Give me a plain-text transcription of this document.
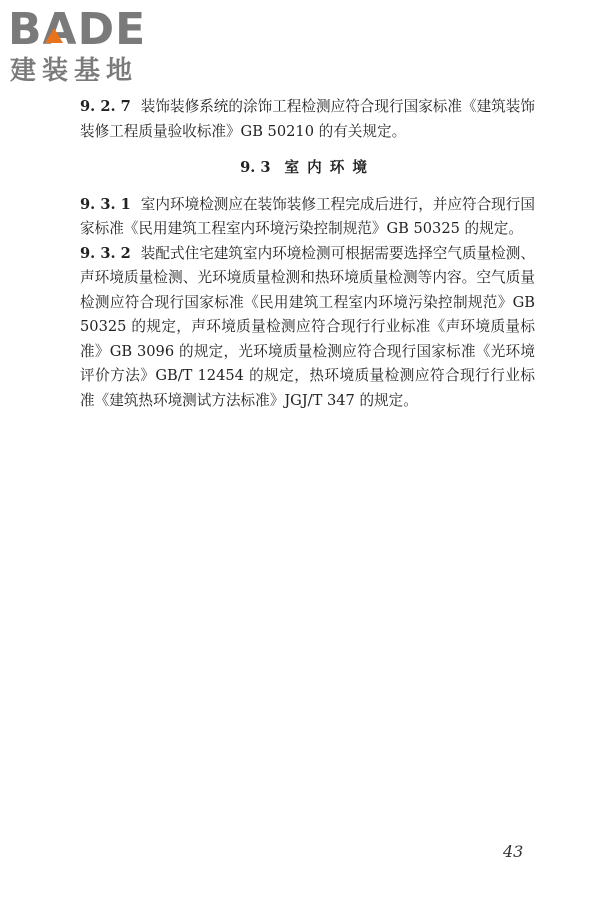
BADE
建装基地

9. 2. 7 装饰装修系统的涂饰工程检测应符合现行国家标准《建筑装饰装修工程质量验收标准》GB 50210 的有关规定。

9. 3 室内环境

9. 3. 1 室内环境检测应在装饰装修工程完成后进行，并应符合现行国家标准《民用建筑工程室内环境污染控制规范》GB 50325 的规定。

9. 3. 2 装配式住宅建筑室内环境检测可根据需要选择空气质量检测、声环境质量检测、光环境质量检测和热环境质量检测等内容。空气质量检测应符合现行国家标准《民用建筑工程室内环境污染控制规范》GB 50325 的规定，声环境质量检测应符合现行行业标准《声环境质量标准》GB 3096 的规定，光环境质量检测应符合现行国家标准《光环境评价方法》GB/T 12454 的规定，热环境质量检测应符合现行行业标准《建筑热环境测试方法标准》JGJ/T 347 的规定。

43
